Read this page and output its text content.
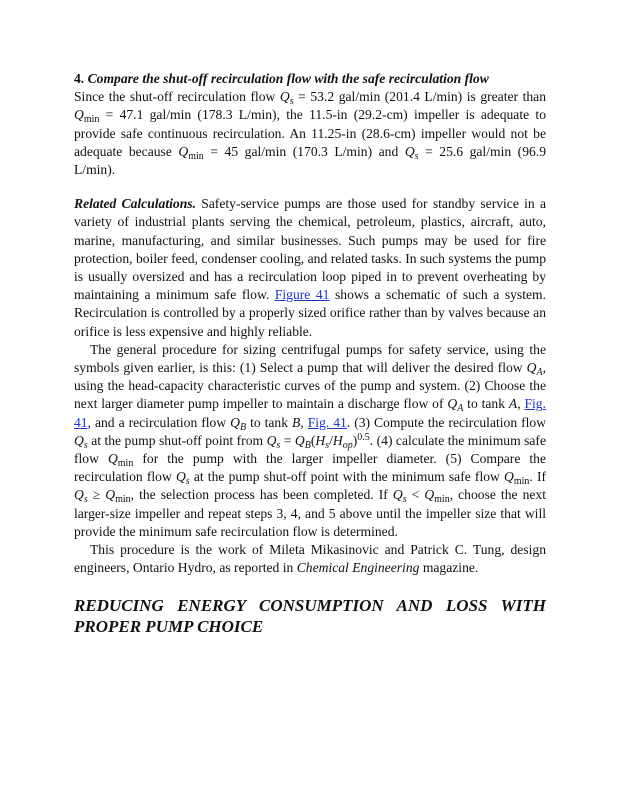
4. Compare the shut-off recirculation flow with the safe recirculation flow
Since the shut-off recirculation flow $Q_s = 53.2$ gal/min (201.4 L/min) is greater than $Q_{min} = 47.1$ gal/min (178.3 L/min), the 11.5-in (29.2-cm) impeller is adequate to provide safe continuous recirculation. An 11.25-in (28.6-cm) impeller would not be adequate because $Q_{min} = 45$ gal/min (170.3 L/min) and $Q_s = 25.6$ gal/min (96.9 L/min).

Related Calculations. Safety-service pumps are those used for standby service in a variety of industrial plants serving the chemical, petroleum, plastics, aircraft, auto, marine, manufacturing, and similar businesses. Such pumps may be used for fire protection, boiler feed, condenser cooling, and related tasks. In such systems the pump is usually oversized and has a recirculation loop piped in to prevent overheating by maintaining a minimum safe flow. Figure 41 shows a schematic of such a system. Recirculation is controlled by a properly sized orifice rather than by valves because an orifice is less expensive and highly reliable.

The general procedure for sizing centrifugal pumps for safety service, using the symbols given earlier, is this: (1) Select a pump that will deliver the desired flow $Q_A$, using the head-capacity characteristic curves of the pump and system. (2) Choose the next larger diameter pump impeller to maintain a discharge flow of $Q_A$ to tank A, Fig. 41, and a recirculation flow $Q_B$ to tank B, Fig. 41. (3) Compute the recirculation flow $Q_s$ at the pump shut-off point from $Q_s = Q_B(H_s/H_{op})^{0.5}$. (4) calculate the minimum safe flow $Q_{min}$ for the pump with the larger impeller diameter. (5) Compare the recirculation flow $Q_s$ at the pump shut-off point with the minimum safe flow $Q_{min}$. If $Q_s \ge Q_{min}$, the selection process has been completed. If $Q_s < Q_{min}$, choose the next larger-size impeller and repeat steps 3, 4, and 5 above until the impeller size that will provide the minimum safe recirculation flow is determined.

This procedure is the work of Mileta Mikasinovic and Patrick C. Tung, design engineers, Ontario Hydro, as reported in Chemical Engineering magazine.

REDUCING ENERGY CONSUMPTION AND LOSS WITH PROPER PUMP CHOICE
